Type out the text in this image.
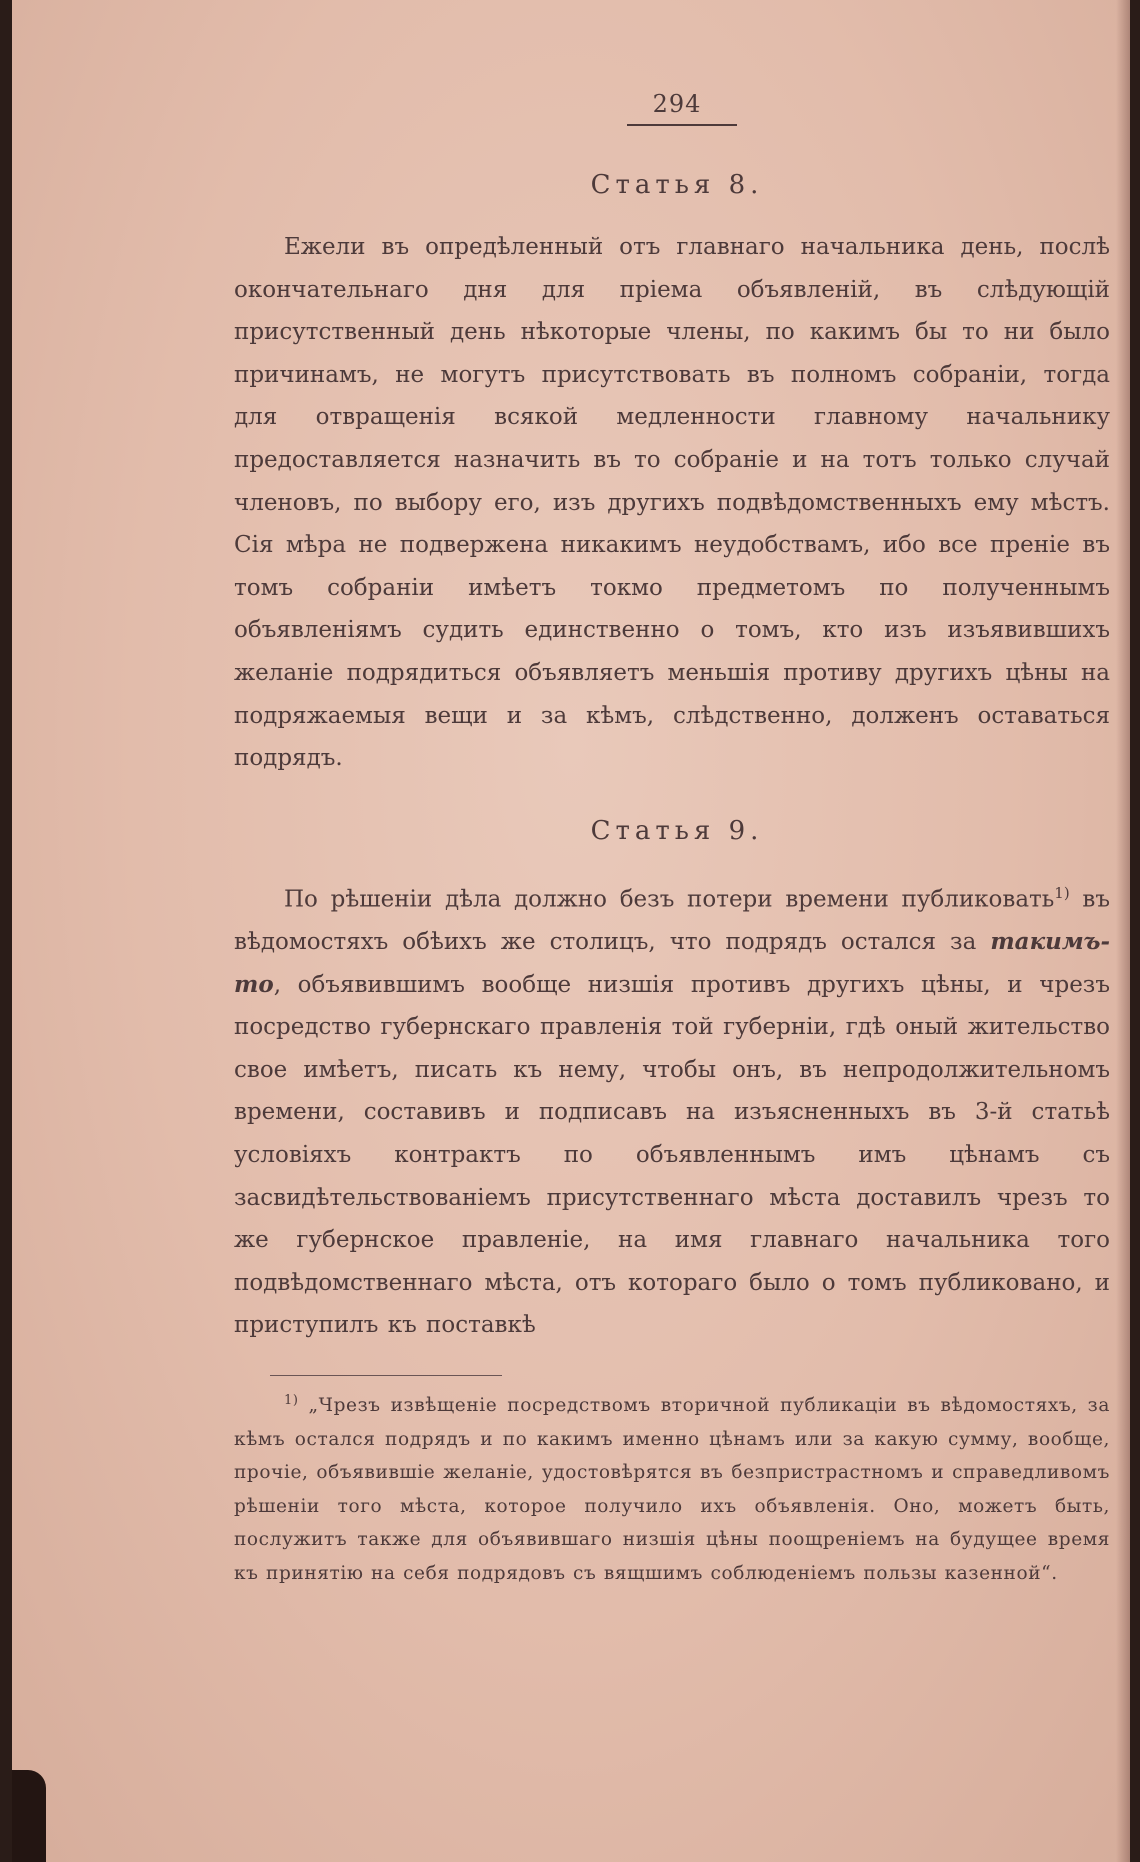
294
Статья 8.

Ежели въ опредѣленный отъ главнаго начальника день, послѣ окончательнаго дня для пріема объявленій, въ слѣдующій присутственный день нѣкоторые члены, по какимъ бы то ни было причинамъ, не могутъ присутствовать въ полномъ собраніи, тогда для отвращенія всякой медленности главному начальнику предоставляется назначить въ то собраніе и на тотъ только случай членовъ, по выбору его, изъ другихъ подвѣдомственныхъ ему мѣстъ. Сія мѣра не подвержена никакимъ неудобствамъ, ибо все преніе въ томъ собраніи имѣетъ токмо предметомъ по полученнымъ объявленіямъ судить единственно о томъ, кто изъ изъявившихъ желаніе подрядиться объявляетъ меньшія противу другихъ цѣны на подряжаемыя вещи и за кѣмъ, слѣдственно, долженъ оставаться подрядъ.

Статья 9.

По рѣшеніи дѣла должно безъ потери времени публиковать$^{1)}$ въ вѣдомостяхъ обѣихъ же столицъ, что подрядъ остался за такимъ-то, объявившимъ вообще низшія противъ другихъ цѣны, и чрезъ посредство губернскаго правленія той губерніи, гдѣ оный жительство свое имѣетъ, писать къ нему, чтобы онъ, въ непродолжительномъ времени, составивъ и подписавъ на изъясненныхъ въ 3-й статьѣ условіяхъ контрактъ по объявленнымъ имъ цѣнамъ съ засвидѣтельствованіемъ присутственнаго мѣста доставилъ чрезъ то же губернское правленіе, на имя главнаго начальника того подвѣдомственнаго мѣста, отъ котораго было о томъ публиковано, и приступилъ къ поставкѣ

$^{1)}$ „Чрезъ извѣщеніе посредствомъ вторичной публикаціи въ вѣдомостяхъ, за кѣмъ остался подрядъ и по какимъ именно цѣнамъ или за какую сумму, вообще, прочіе, объявившіе желаніе, удостовѣрятся въ безпристрастномъ и справедливомъ рѣшеніи того мѣста, которое получило ихъ объявленія. Оно, можетъ быть, послужитъ также для объявившаго низшія цѣны поощреніемъ на будущее время къ принятію на себя подрядовъ съ вящшимъ соблюденіемъ пользы казенной“.
